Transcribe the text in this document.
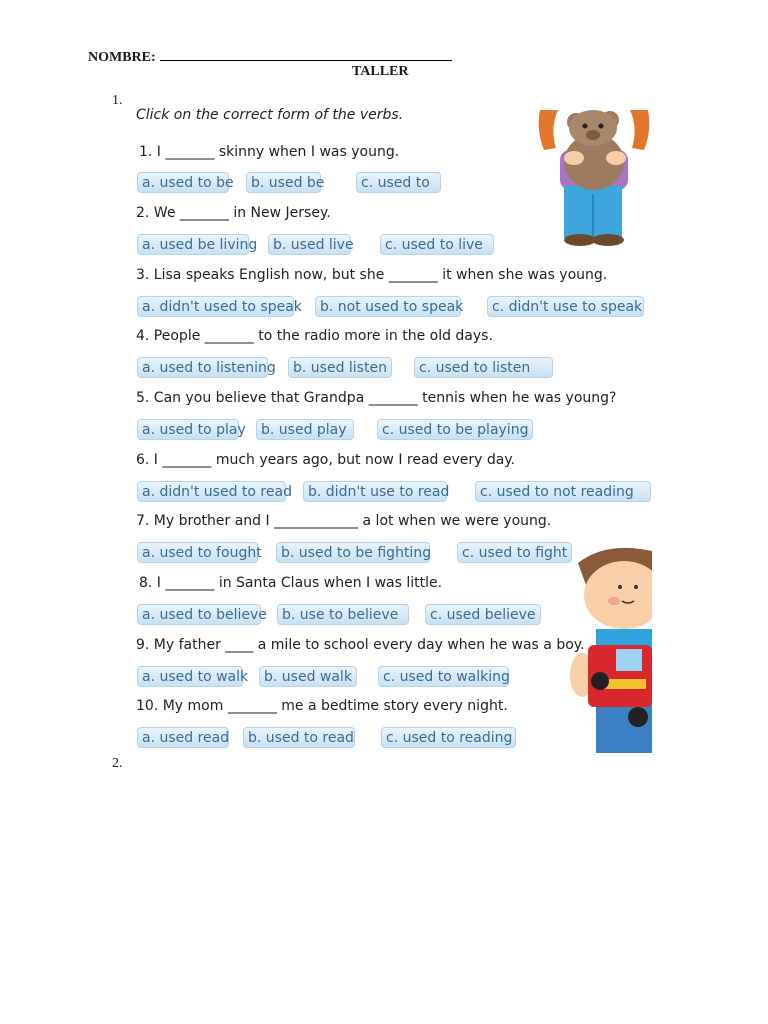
NOMBRE:
TALLER
1.
Click on the correct form of the verbs.
1. I _______ skinny when I was young.
a. used to be	b. used be	c. used to
2. We _______ in New Jersey.
a. used be living	b. used live	c. used to live
3. Lisa speaks English now, but she _______ it when she was young.
a. didn't used to speak	b. not used to speak	c. didn't use to speak
4. People _______ to the radio more in the old days.
a. used to listening	b. used listen	c. used to listen
5. Can you believe that Grandpa _______ tennis when he was young?
a. used to play	b. used play	c. used to be playing
6. I _______ much years ago, but now I read every day.
a. didn't used to read	b. didn't use to read	c. used to not reading
7. My brother and I ____________ a lot when we were young.
a. used to fought	b. used to be fighting	c. used to fight
8. I _______ in Santa Claus when I was little.
a. used to believe	b. use to believe	c. used believe
9. My father ____ a mile to school every day when he was a boy.
a. used to walk	b. used walk	c. used to walking
10. My mom _______ me a bedtime story every night.
a. used read	b. used to read	c. used to reading
2.
